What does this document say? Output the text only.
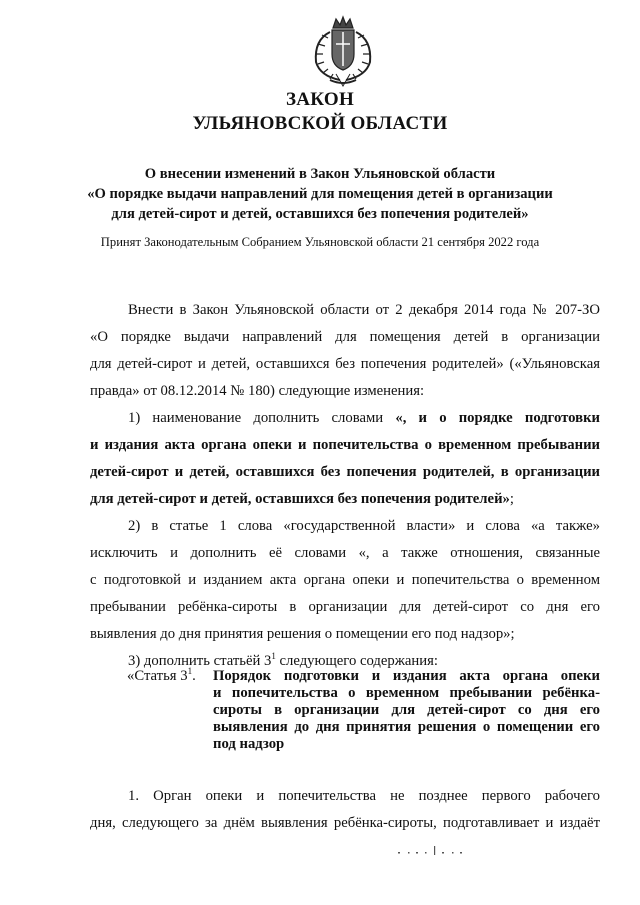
ЗАКОН
УЛЬЯНОВСКОЙ ОБЛАСТИ
О внесении изменений в Закон Ульяновской области
«О порядке выдачи направлений для помещения детей в организации
для детей-сирот и детей, оставшихся без попечения родителей»
Принят Законодательным Собранием Ульяновской области 21 сентября 2022 года
Внести в Закон Ульяновской области от 2 декабря 2014 года № 207-ЗО
«О порядке выдачи направлений для помещения детей в организации
для детей-сирот и детей, оставшихся без попечения родителей» («Ульяновская
правда» от 08.12.2014 № 180) следующие изменения:
1) наименование дополнить словами «, и о порядке подготовки
и издания акта органа опеки и попечительства о временном пребывании
детей-сирот и детей, оставшихся без попечения родителей, в организации
для детей-сирот и детей, оставшихся без попечения родителей»;
2) в статье 1 слова «государственной власти» и слова «а также»
исключить и дополнить её словами «, а также отношения, связанные
с подготовкой и изданием акта органа опеки и попечительства о временном
пребывании ребёнка-сироты в организации для детей-сирот со дня его
выявления до дня принятия решения о помещении его под надзор»;
3) дополнить статьёй $3^1$ следующего содержания:
«Статья $3^1$. Порядок подготовки и издания акта органа опеки
и попечительства о временном пребывании ребёнка-
сироты в организации для детей-сирот со дня его
выявления до дня принятия решения о помещении его
под надзор
1. Орган опеки и попечительства не позднее первого рабочего
дня, следующего за днём выявления ребёнка-сироты, подготавливает и издаёт
